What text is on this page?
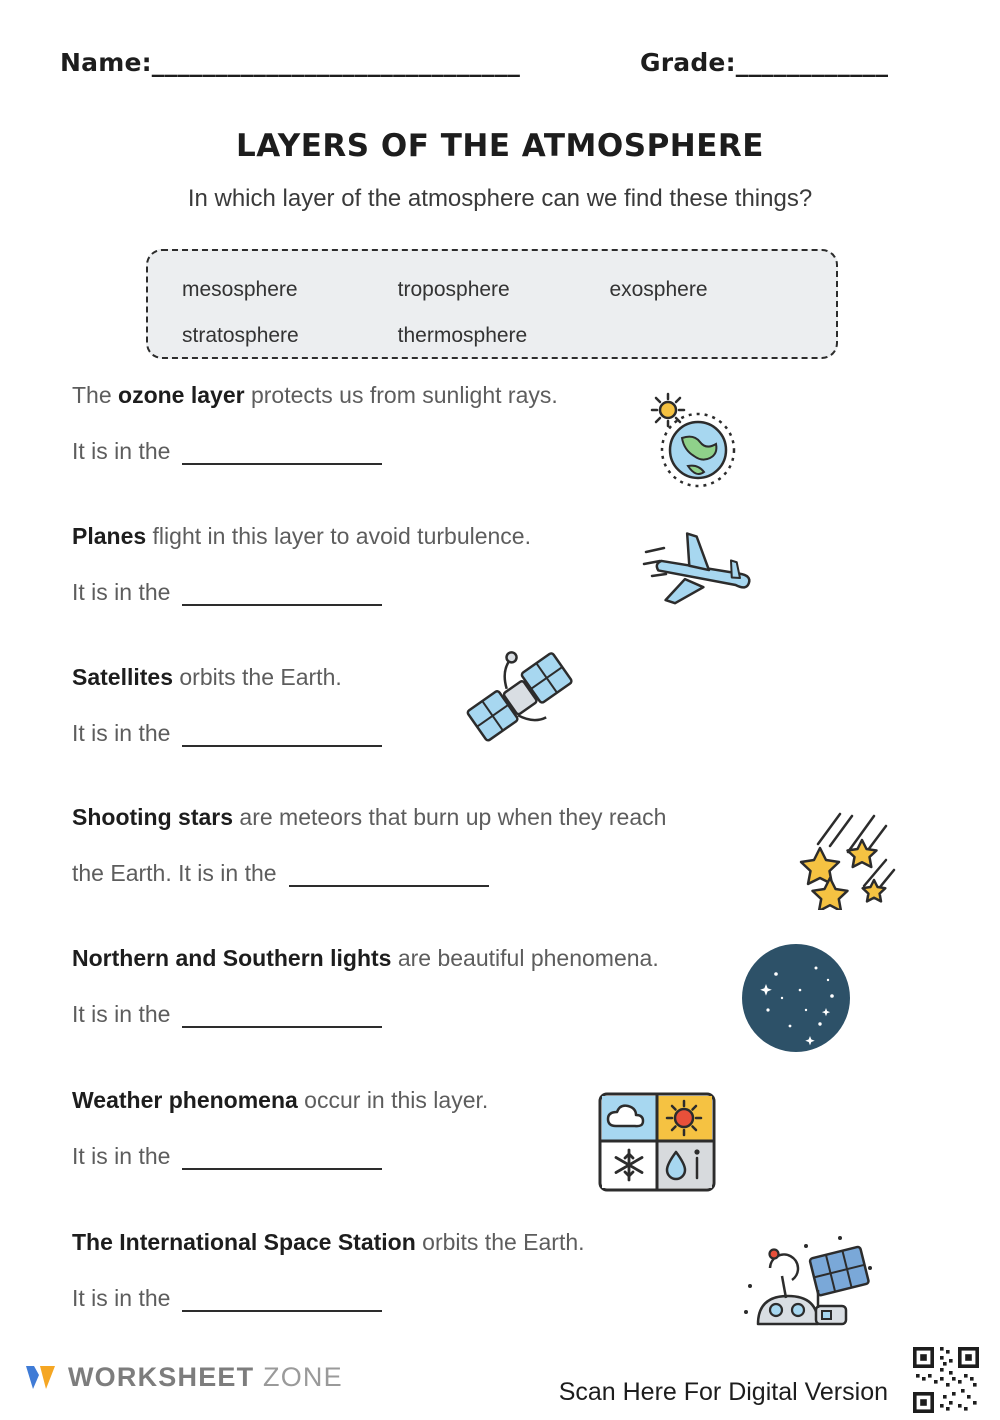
Name:_____________________________	Grade:____________
LAYERS OF THE ATMOSPHERE
In which layer of the atmosphere can we find these things?
mesosphere	troposphere	exosphere
stratosphere	thermosphere
The ozone layer protects us from sunlight rays.
It is in the
Planes flight in this layer to avoid turbulence.
It is in the
Satellites orbits the Earth.
It is in the
Shooting stars are meteors that burn up when they reach
the Earth. It is in the
Northern and Southern lights are beautiful phenomena.
It is in the
Weather phenomena occur in this layer.
It is in the
The International Space Station orbits the Earth.
It is in the
WORKSHEET ZONE	Scan Here For Digital Version
